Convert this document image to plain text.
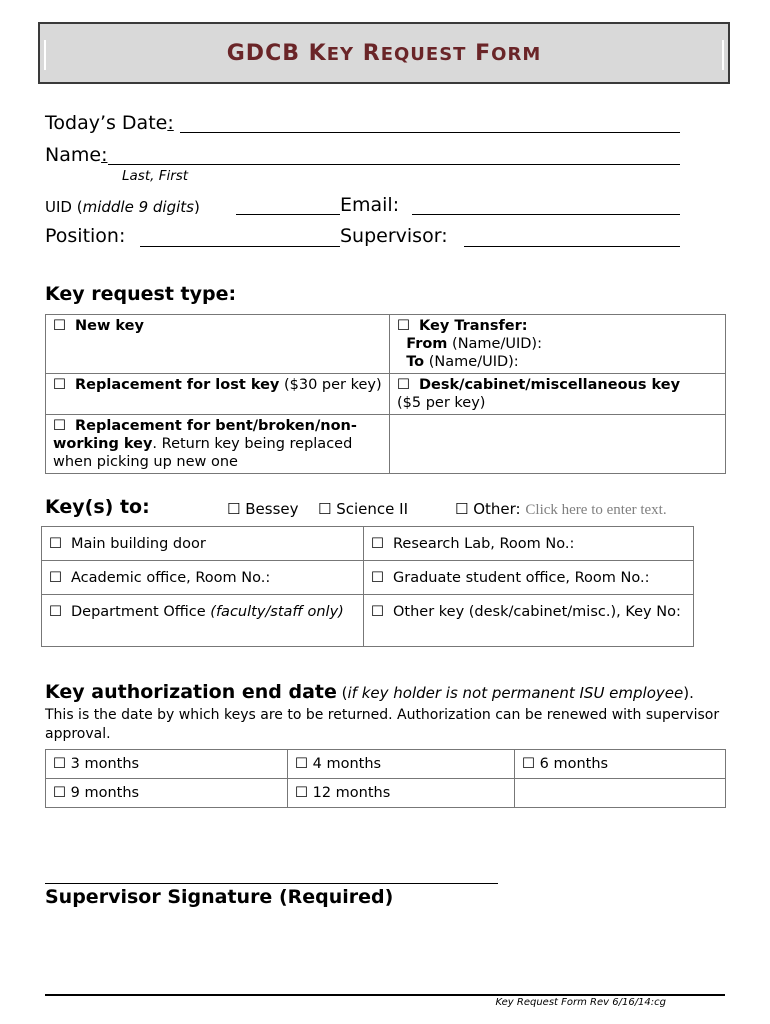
GDCB KEY REQUEST FORM
Today’s Date:
Name:
Last, First
UID (middle 9 digits)	Email:
Position:	Supervisor:
Key request type:
☐ New key	☐ Key Transfer:
From (Name/UID):
To (Name/UID):
☐ Replacement for lost key ($30 per key)	☐ Desk/cabinet/miscellaneous key
($5 per key)
☐ Replacement for bent/broken/non-working key. Return key being replaced when picking up new one	
Key(s) to:	☐ Bessey ☐ Science II	☐ Other: Click here to enter text.
☐ Main building door	☐ Research Lab, Room No.:
☐ Academic office, Room No.:	☐ Graduate student office, Room No.:
☐ Department Office (faculty/staff only)	☐ Other key (desk/cabinet/misc.), Key No:
Key authorization end date (if key holder is not permanent ISU employee).
This is the date by which keys are to be returned. Authorization can be renewed with supervisor approval.
☐ 3 months	☐ 4 months	☐ 6 months
☐ 9 months	☐ 12 months	
Supervisor Signature (Required)
Key Request Form Rev 6/16/14:cg
